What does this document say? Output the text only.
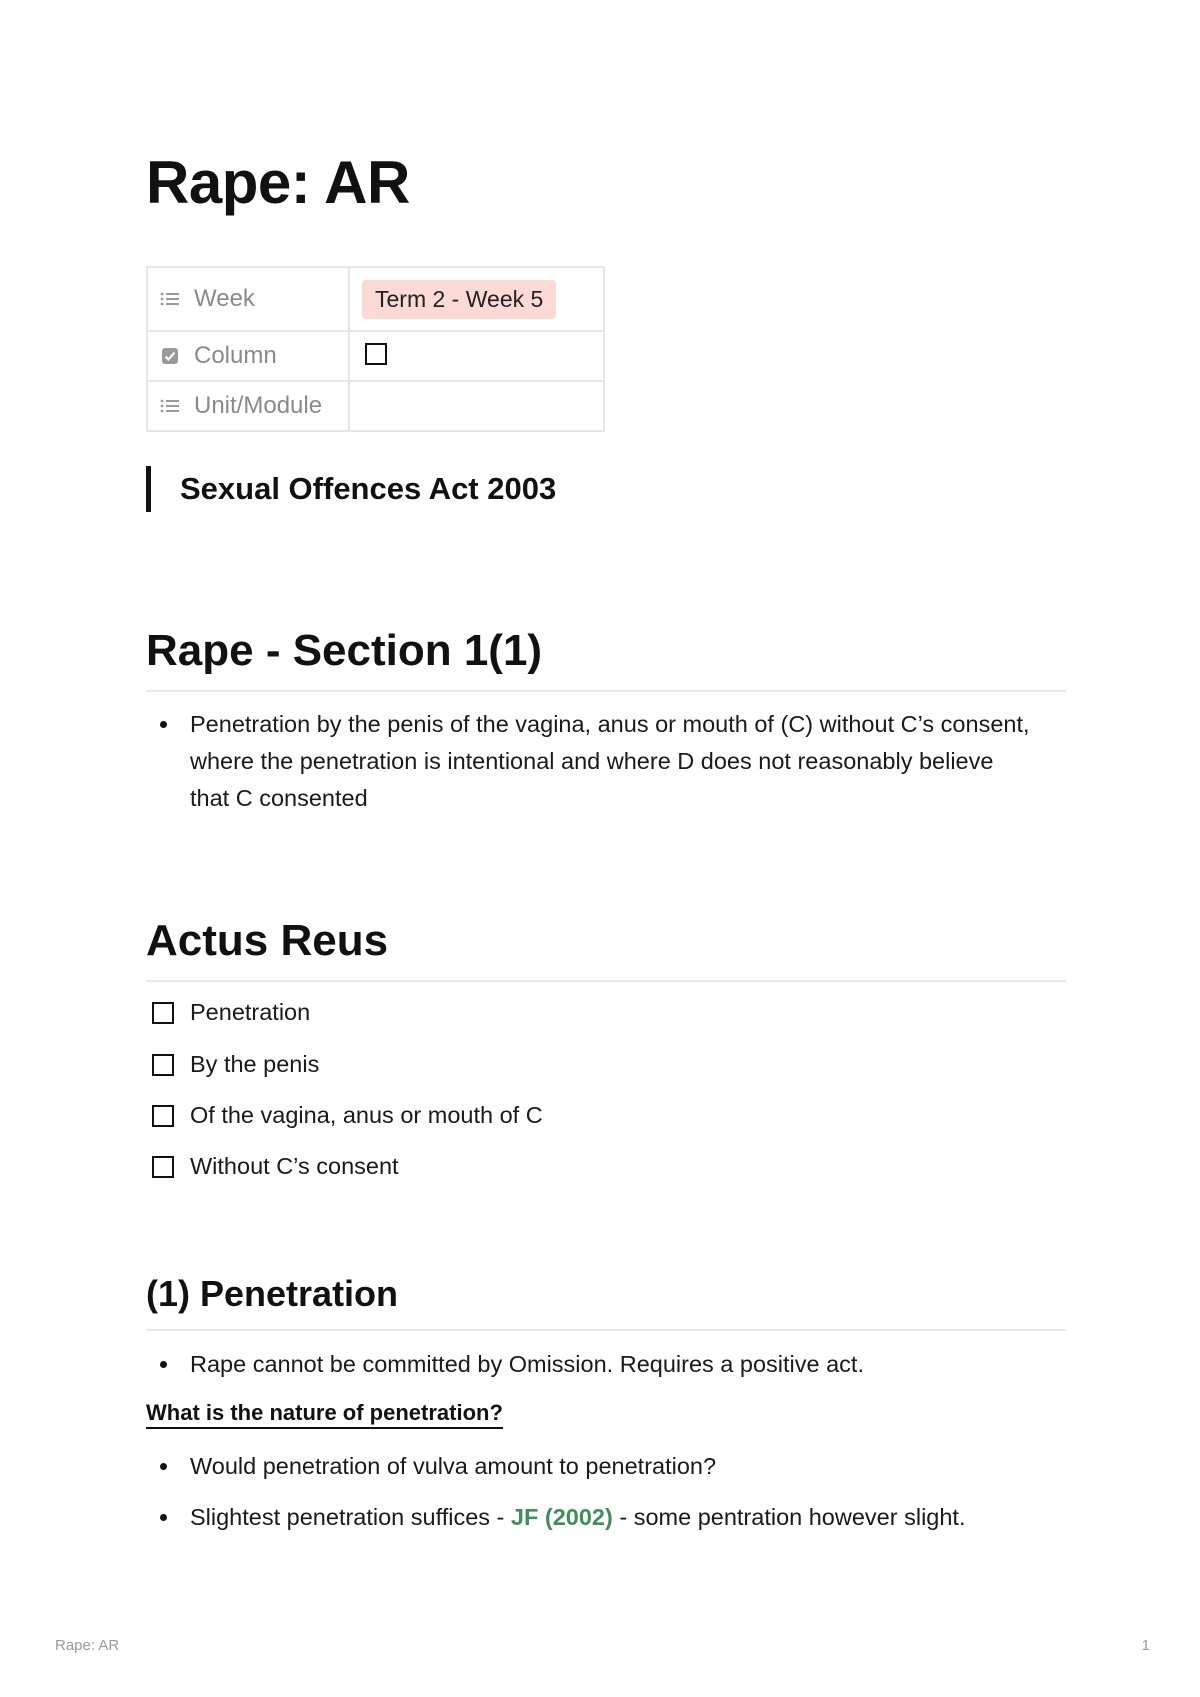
Rape: AR
Week	Term 2 - Week 5

Column	

Unit/Module	

Sexual Offences Act 2003
Rape - Section 1(1)
Penetration by the penis of the vagina, anus or mouth of (C) without C’s consent, where the penetration is intentional and where D does not reasonably believe that C consented
Actus Reus
Penetration
By the penis
Of the vagina, anus or mouth of C
Without C’s consent
(1) Penetration
Rape cannot be committed by Omission. Requires a positive act.
What is the nature of penetration?
Would penetration of vulva amount to penetration?
Slightest penetration suffices - JF (2002) - some pentration however slight.
Rape: AR	1
